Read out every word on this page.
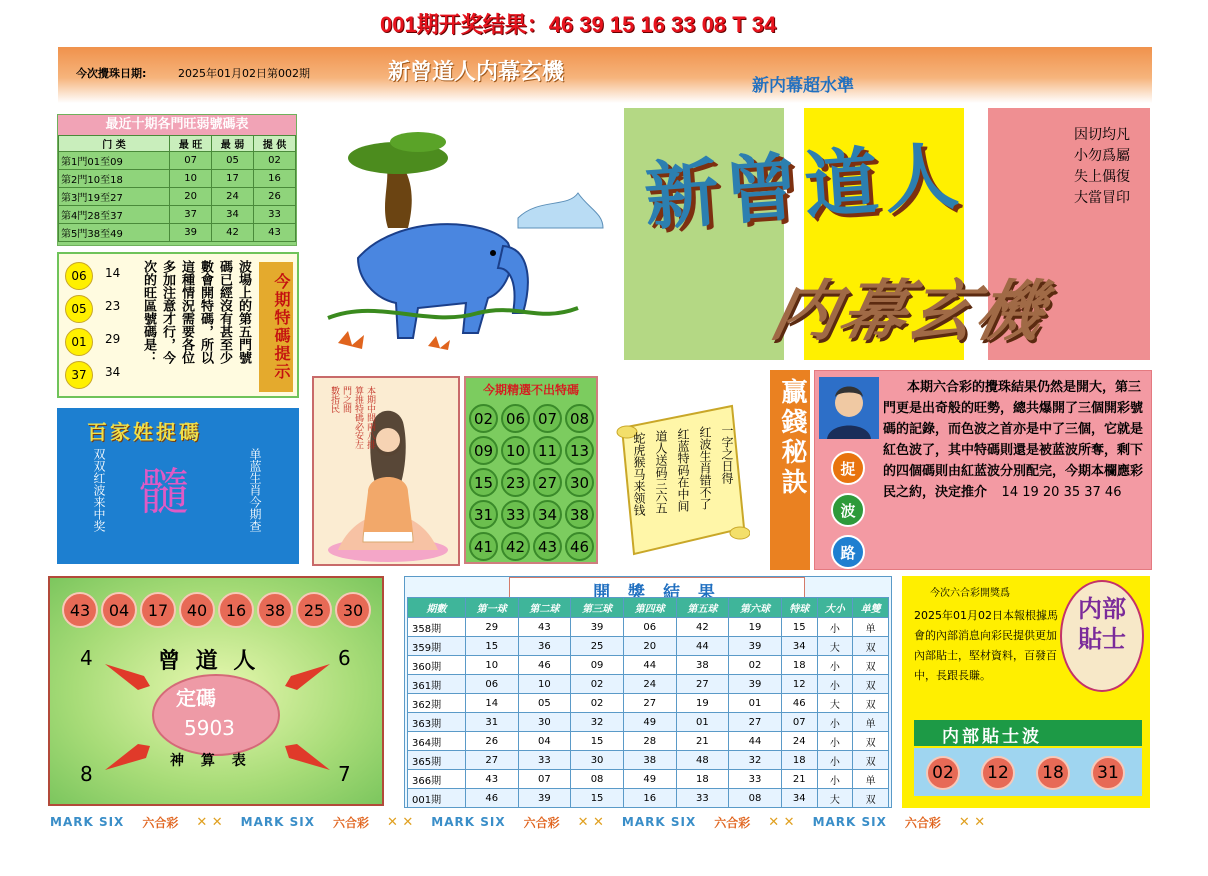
001期开奖结果：46 39 15 16 33 08 T 34
今次攪珠日期:	2025年01月02日第002期	新曾道人内幕玄機
新内幕超水準
最近十期各門旺弱號碼表
门 类	最 旺	最 弱	提 供
第1門01至09	07	05	02
第2門10至18	10	17	16
第3門19至27	20	24	26
第4門28至37	37	34	33
第5門38至49	39	42	43
今期特碼提示
06	14
05	23
01	29
37	34
波場上的第五門號
碼已經沒有甚至少
數會開特碼，所以
這種情況需要各位
多加注意才行，今
次的旺區號碼是：
百家姓捉碼
双双红波来中奖 髓	单蓝生肖今期查
本期中間兩八排
算推特碼必安左
門之間
數指民	今期精選不出特碼
02 06 07 08
09 10 11 13
15 23 27 30
31 33 34 38
41 42 43 46
一字之日得
红波生肖错不了
红蓝特码在中间
道人送码三六五
蛇虎猴马来领钱
新曾道人
内幕玄機
因切均凡
小勿爲屬
失上偶復
大當冒印
贏錢秘訣	本期六合彩的攪珠結果仍然是開大，第三門更是出奇般的旺勢，總共爆開了三個開彩號碼的記錄，而色波之首亦是中了三個，它就是紅色波了，其中特碼則還是被蓝波所奪，剩下的四個碼則由紅蓝波分別配完，今期本欄應彩民之約，決定推介 14 19 20 35 37 46
捉
波
路
曾 道 人
定碼
5903
神 算 表
4	6
8	7
43	04	17	40	16	38	25	30
開 獎 結 果
期數	第一球	第二球	第三球	第四球	第五球	第六球	特球	大小	单雙
358期	29	43	39	06	42	19	15	小	单
359期	15	36	25	20	44	39	34	大	双
360期	10	46	09	44	38	02	18	小	双
361期	06	10	02	24	27	39	12	小	双
362期	14	05	02	27	19	01	46	大	双
363期	31	30	32	49	01	27	07	小	单
364期	26	04	15	28	21	44	24	小	双
365期	27	33	30	38	48	32	18	小	双
366期	43	07	08	49	18	33	21	小	单
001期	46	39	15	16	33	08	34	大	双
今次六合彩開獎爲
2025年01月02日本報根據馬會的內部消息向彩民提供更加內部貼士，堅材資料，百發百中，長跟長賺。
内部貼士
内部貼士波
02	12	18	31
MARK SIX 六合彩 ✕ ✕ MARK SIX 六合彩 ✕ ✕ MARK SIX 六合彩 ✕ ✕ MARK SIX 六合彩 ✕ ✕ MARK SIX 六合彩 ✕ ✕
